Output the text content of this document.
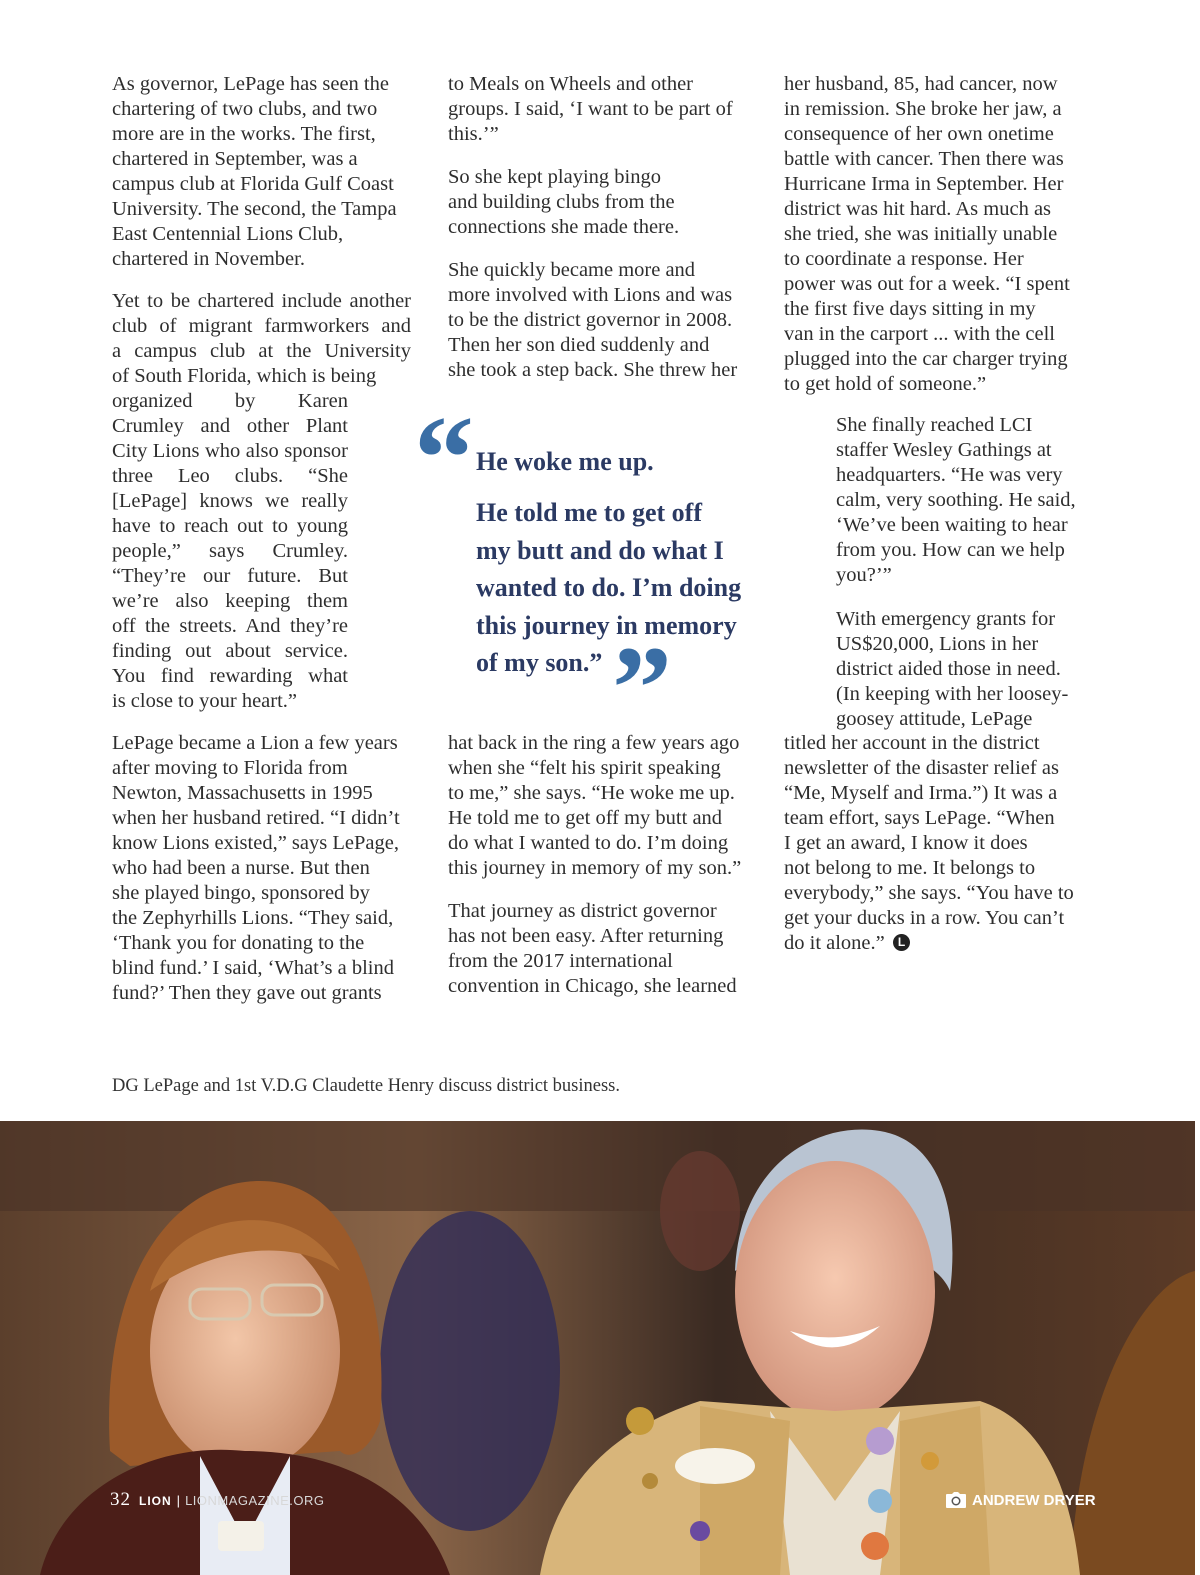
As governor, LePage has seen the
chartering of two clubs, and two
more are in the works. The first,
chartered in September, was a
campus club at Florida Gulf Coast
University. The second, the Tampa
East Centennial Lions Club,
chartered in November.
Yet to be chartered include another
club of migrant farmworkers and
a campus club at the University
of South Florida, which is being
organized by Karen
Crumley and other Plant
City Lions who also sponsor
three Leo clubs. “She
[LePage] knows we really
have to reach out to young
people,” says Crumley.
“They’re our future. But
we’re also keeping them
off the streets. And they’re
finding out about service.
You find rewarding what
is close to your heart.”
LePage became a Lion a few years
after moving to Florida from
Newton, Massachusetts in 1995
when her husband retired. “I didn’t
know Lions existed,” says LePage,
who had been a nurse. But then
she played bingo, sponsored by
the Zephyrhills Lions. “They said,
‘Thank you for donating to the
blind fund.’ I said, ‘What’s a blind
fund?’ Then they gave out grants
to Meals on Wheels and other
groups. I said, ‘I want to be part of
this.’”
So she kept playing bingo
and building clubs from the
connections she made there.
She quickly became more and
more involved with Lions and was
to be the district governor in 2008.
Then her son died suddenly and
she took a step back. She threw her
“ He woke me up.
He told me to get off
my butt and do what I
wanted to do. I’m doing
this journey in memory
of my son.” ”
hat back in the ring a few years ago
when she “felt his spirit speaking
to me,” she says. “He woke me up.
He told me to get off my butt and
do what I wanted to do. I’m doing
this journey in memory of my son.”
That journey as district governor
has not been easy. After returning
from the 2017 international
convention in Chicago, she learned
her husband, 85, had cancer, now
in remission. She broke her jaw, a
consequence of her own onetime
battle with cancer. Then there was
Hurricane Irma in September. Her
district was hit hard. As much as
she tried, she was initially unable
to coordinate a response. Her
power was out for a week. “I spent
the first five days sitting in my
van in the carport ... with the cell
plugged into the car charger trying
to get hold of someone.”
She finally reached LCI
staffer Wesley Gathings at
headquarters. “He was very
calm, very soothing. He said,
‘We’ve been waiting to hear
from you. How can we help
you?’”
With emergency grants for
US$20,000, Lions in her
district aided those in need.
(In keeping with her loosey-
goosey attitude, LePage
titled her account in the district
newsletter of the disaster relief as
“Me, Myself and Irma.”) It was a
team effort, says LePage. “When
I get an award, I know it does
not belong to me. It belongs to
everybody,” she says. “You have to
get your ducks in a row. You can’t
do it alone.”	L
DG LePage and 1st V.D.G Claudette Henry discuss district business.
32 LION | LIONMAGAZINE.ORG	ANDREW DRYER
